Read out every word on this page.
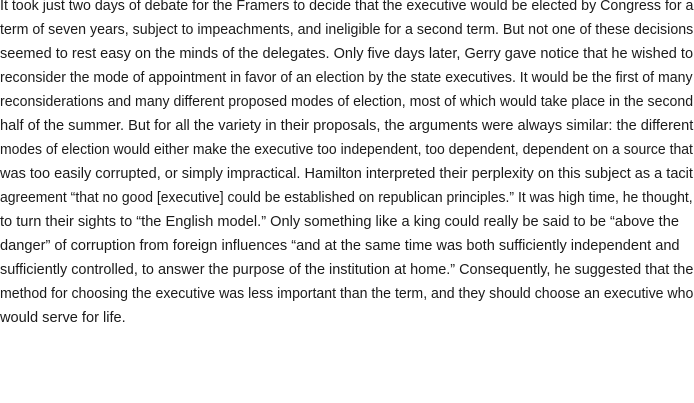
It took just two days of debate for the Framers to decide that the executive would be elected by Congress for a

term of seven years, subject to impeachments, and ineligible for a second term. But not one of these decisions

seemed to rest easy on the minds of the delegates. Only five days later, Gerry gave notice that he wished to

reconsider the mode of appointment in favor of an election by the state executives. It would be the first of many

reconsiderations and many different proposed modes of election, most of which would take place in the second

half of the summer. But for all the variety in their proposals, the arguments were always similar: the different

modes of election would either make the executive too independent, too dependent, dependent on a source that

was too easily corrupted, or simply impractical. Hamilton interpreted their perplexity on this subject as a tacit

agreement “that no good [executive] could be established on republican principles.” It was high time, he thought,

to turn their sights to “the English model.” Only something like a king could really be said to be “above the

danger” of corruption from foreign influences “and at the same time was both sufficiently independent and

sufficiently controlled, to answer the purpose of the institution at home.” Consequently, he suggested that the

method for choosing the executive was less important than the term, and they should choose an executive who

would serve for life.
